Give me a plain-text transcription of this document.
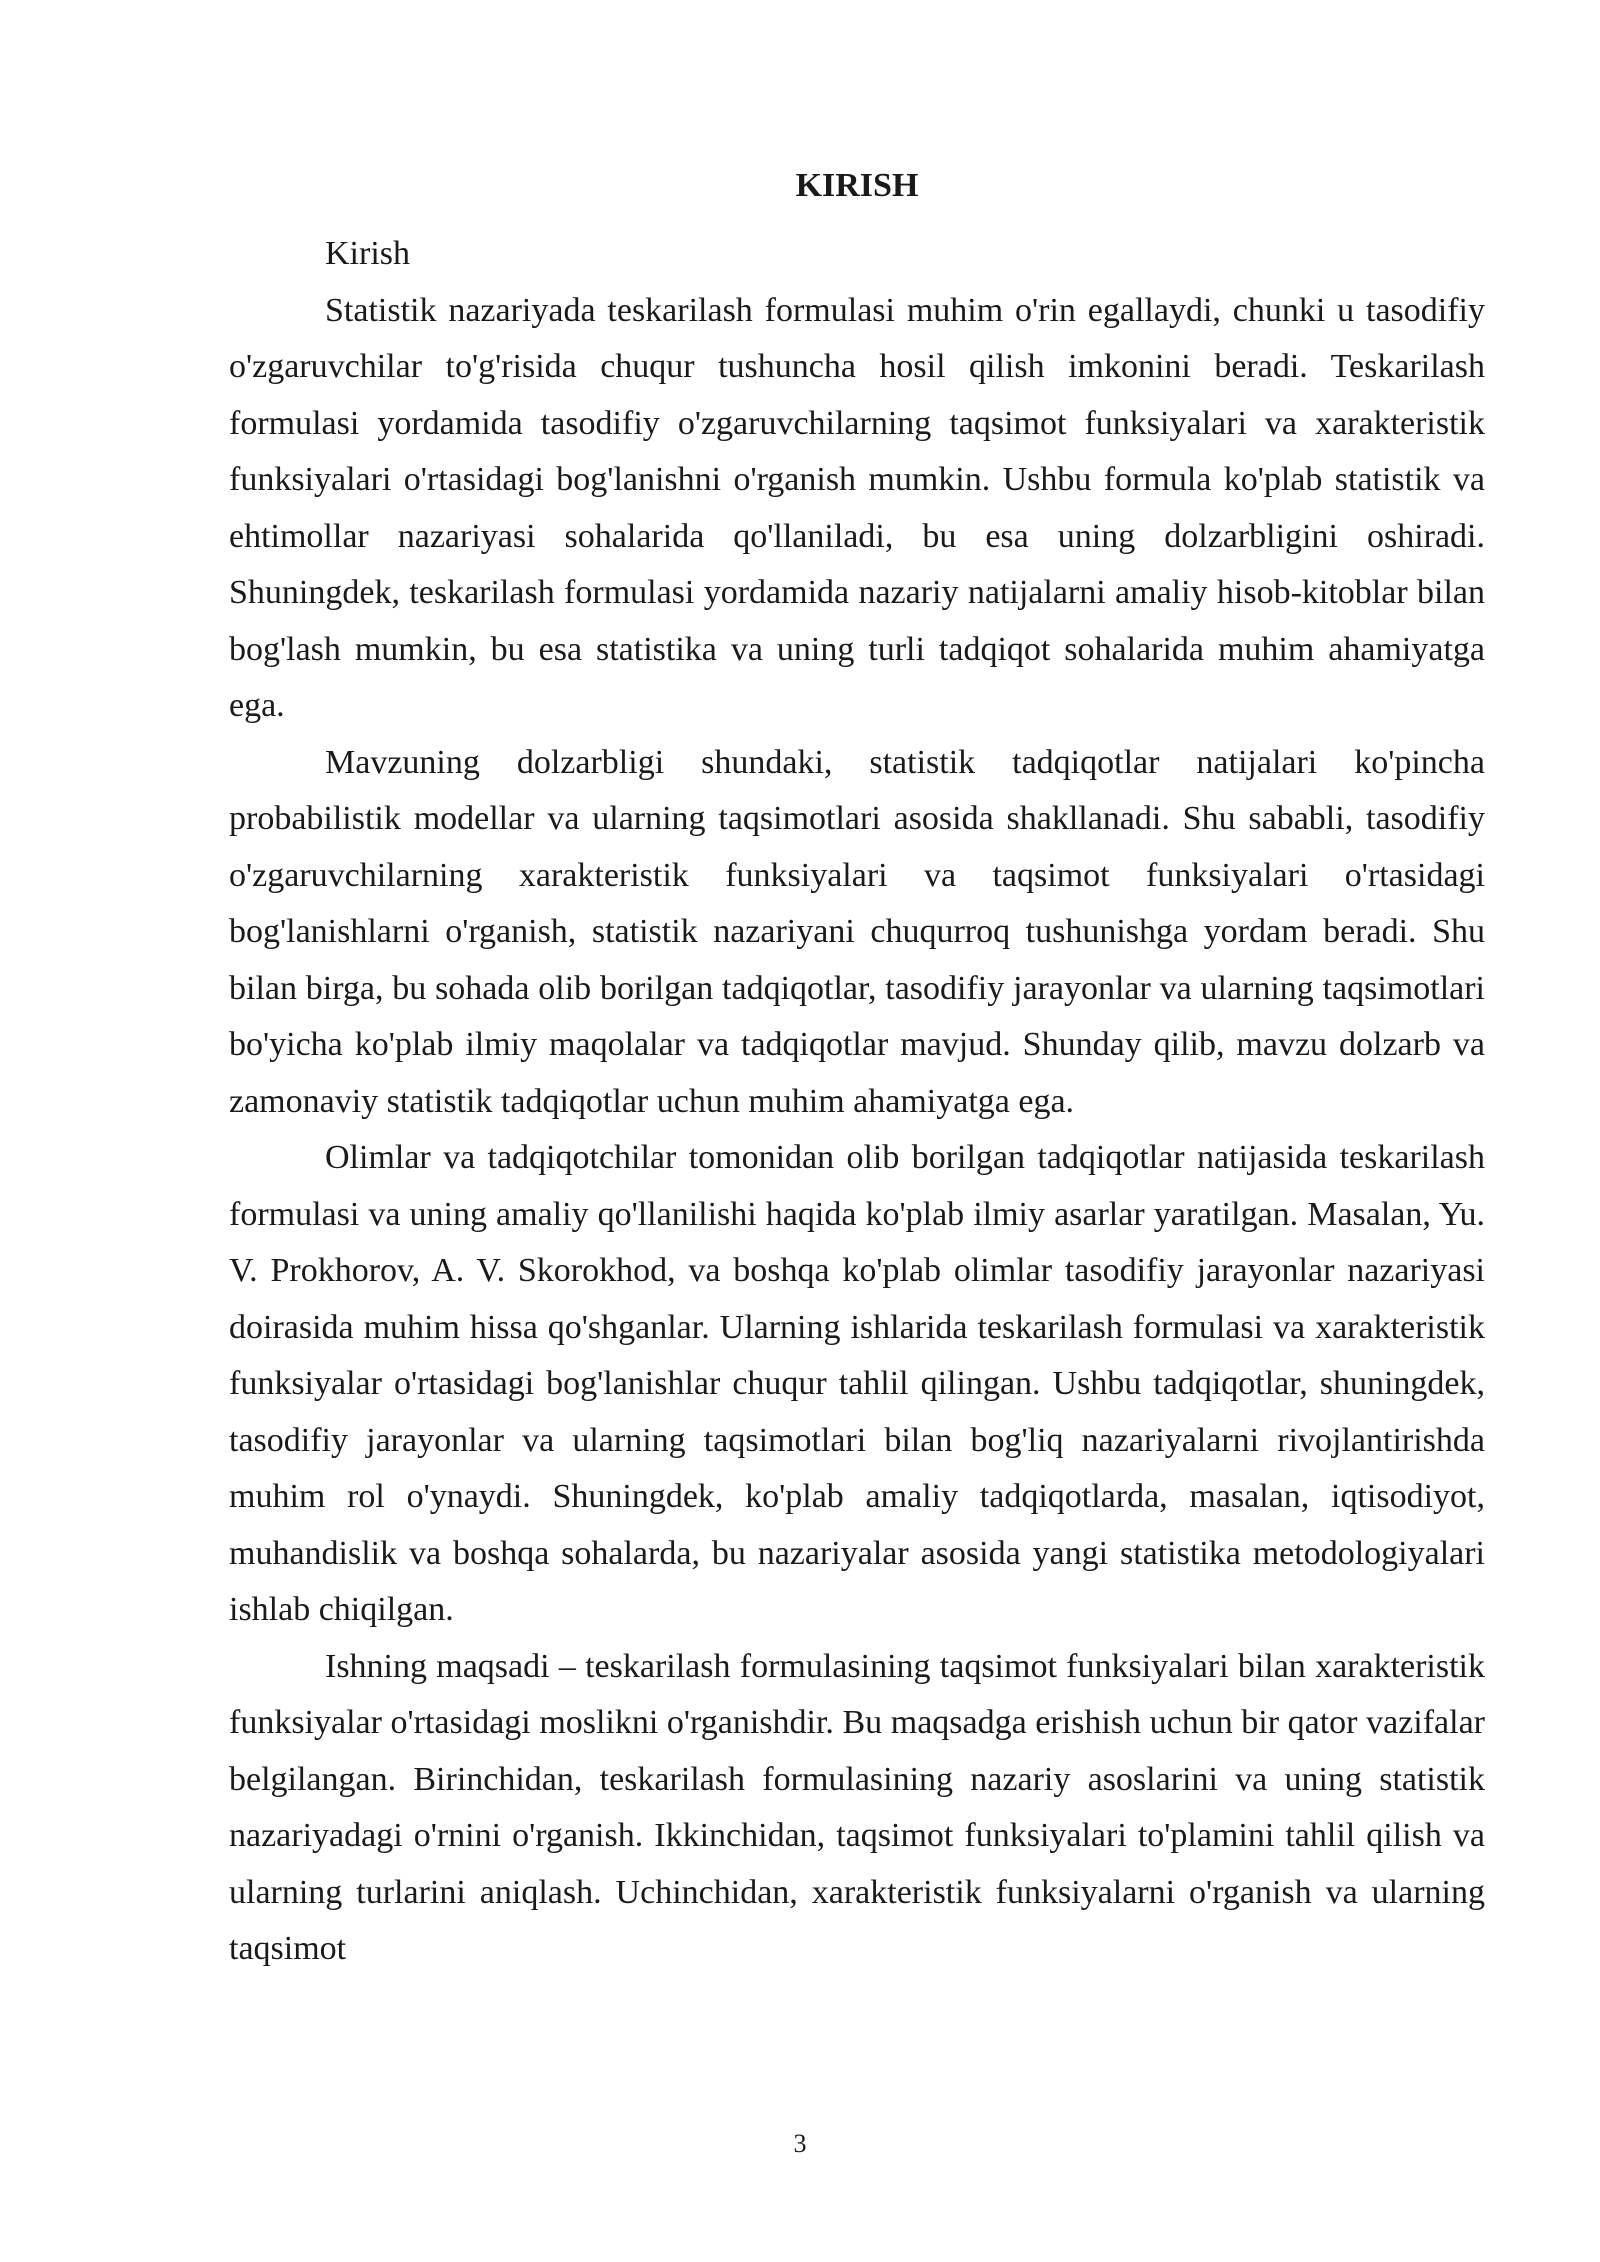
KIRISH

Kirish

Statistik nazariyada teskarilash formulasi muhim o'rin egallaydi, chunki u tasodifiy o'zgaruvchilar to'g'risida chuqur tushuncha hosil qilish imkonini beradi. Teskarilash formulasi yordamida tasodifiy o'zgaruvchilarning taqsimot funksiyalari va xarakteristik funksiyalari o'rtasidagi bog'lanishni o'rganish mumkin. Ushbu formula ko'plab statistik va ehtimollar nazariyasi sohalarida qo'llaniladi, bu esa uning dolzarbligini oshiradi. Shuningdek, teskarilash formulasi yordamida nazariy natijalarni amaliy hisob-kitoblar bilan bog'lash mumkin, bu esa statistika va uning turli tadqiqot sohalarida muhim ahamiyatga ega.

Mavzuning dolzarbligi shundaki, statistik tadqiqotlar natijalari ko'pincha probabilistik modellar va ularning taqsimotlari asosida shakllanadi. Shu sababli, tasodifiy o'zgaruvchilarning xarakteristik funksiyalari va taqsimot funksiyalari o'rtasidagi bog'lanishlarni o'rganish, statistik nazariyani chuqurroq tushunishga yordam beradi. Shu bilan birga, bu sohada olib borilgan tadqiqotlar, tasodifiy jarayonlar va ularning taqsimotlari bo'yicha ko'plab ilmiy maqolalar va tadqiqotlar mavjud. Shunday qilib, mavzu dolzarb va zamonaviy statistik tadqiqotlar uchun muhim ahamiyatga ega.

Olimlar va tadqiqotchilar tomonidan olib borilgan tadqiqotlar natijasida teskarilash formulasi va uning amaliy qo'llanilishi haqida ko'plab ilmiy asarlar yaratilgan. Masalan, Yu. V. Prokhorov, A. V. Skorokhod, va boshqa ko'plab olimlar tasodifiy jarayonlar nazariyasi doirasida muhim hissa qo'shganlar. Ularning ishlarida teskarilash formulasi va xarakteristik funksiyalar o'rtasidagi bog'lanishlar chuqur tahlil qilingan. Ushbu tadqiqotlar, shuningdek, tasodifiy jarayonlar va ularning taqsimotlari bilan bog'liq nazariyalarni rivojlantirishda muhim rol o'ynaydi. Shuningdek, ko'plab amaliy tadqiqotlarda, masalan, iqtisodiyot, muhandislik va boshqa sohalarda, bu nazariyalar asosida yangi statistika metodologiyalari ishlab chiqilgan.

Ishning maqsadi – teskarilash formulasining taqsimot funksiyalari bilan xarakteristik funksiyalar o'rtasidagi moslikni o'rganishdir. Bu maqsadga erishish uchun bir qator vazifalar belgilangan. Birinchidan, teskarilash formulasining nazariy asoslarini va uning statistik nazariyadagi o'rnini o'rganish. Ikkinchidan, taqsimot funksiyalari to'plamini tahlil qilish va ularning turlarini aniqlash. Uchinchidan, xarakteristik funksiyalarni o'rganish va ularning taqsimot

3
